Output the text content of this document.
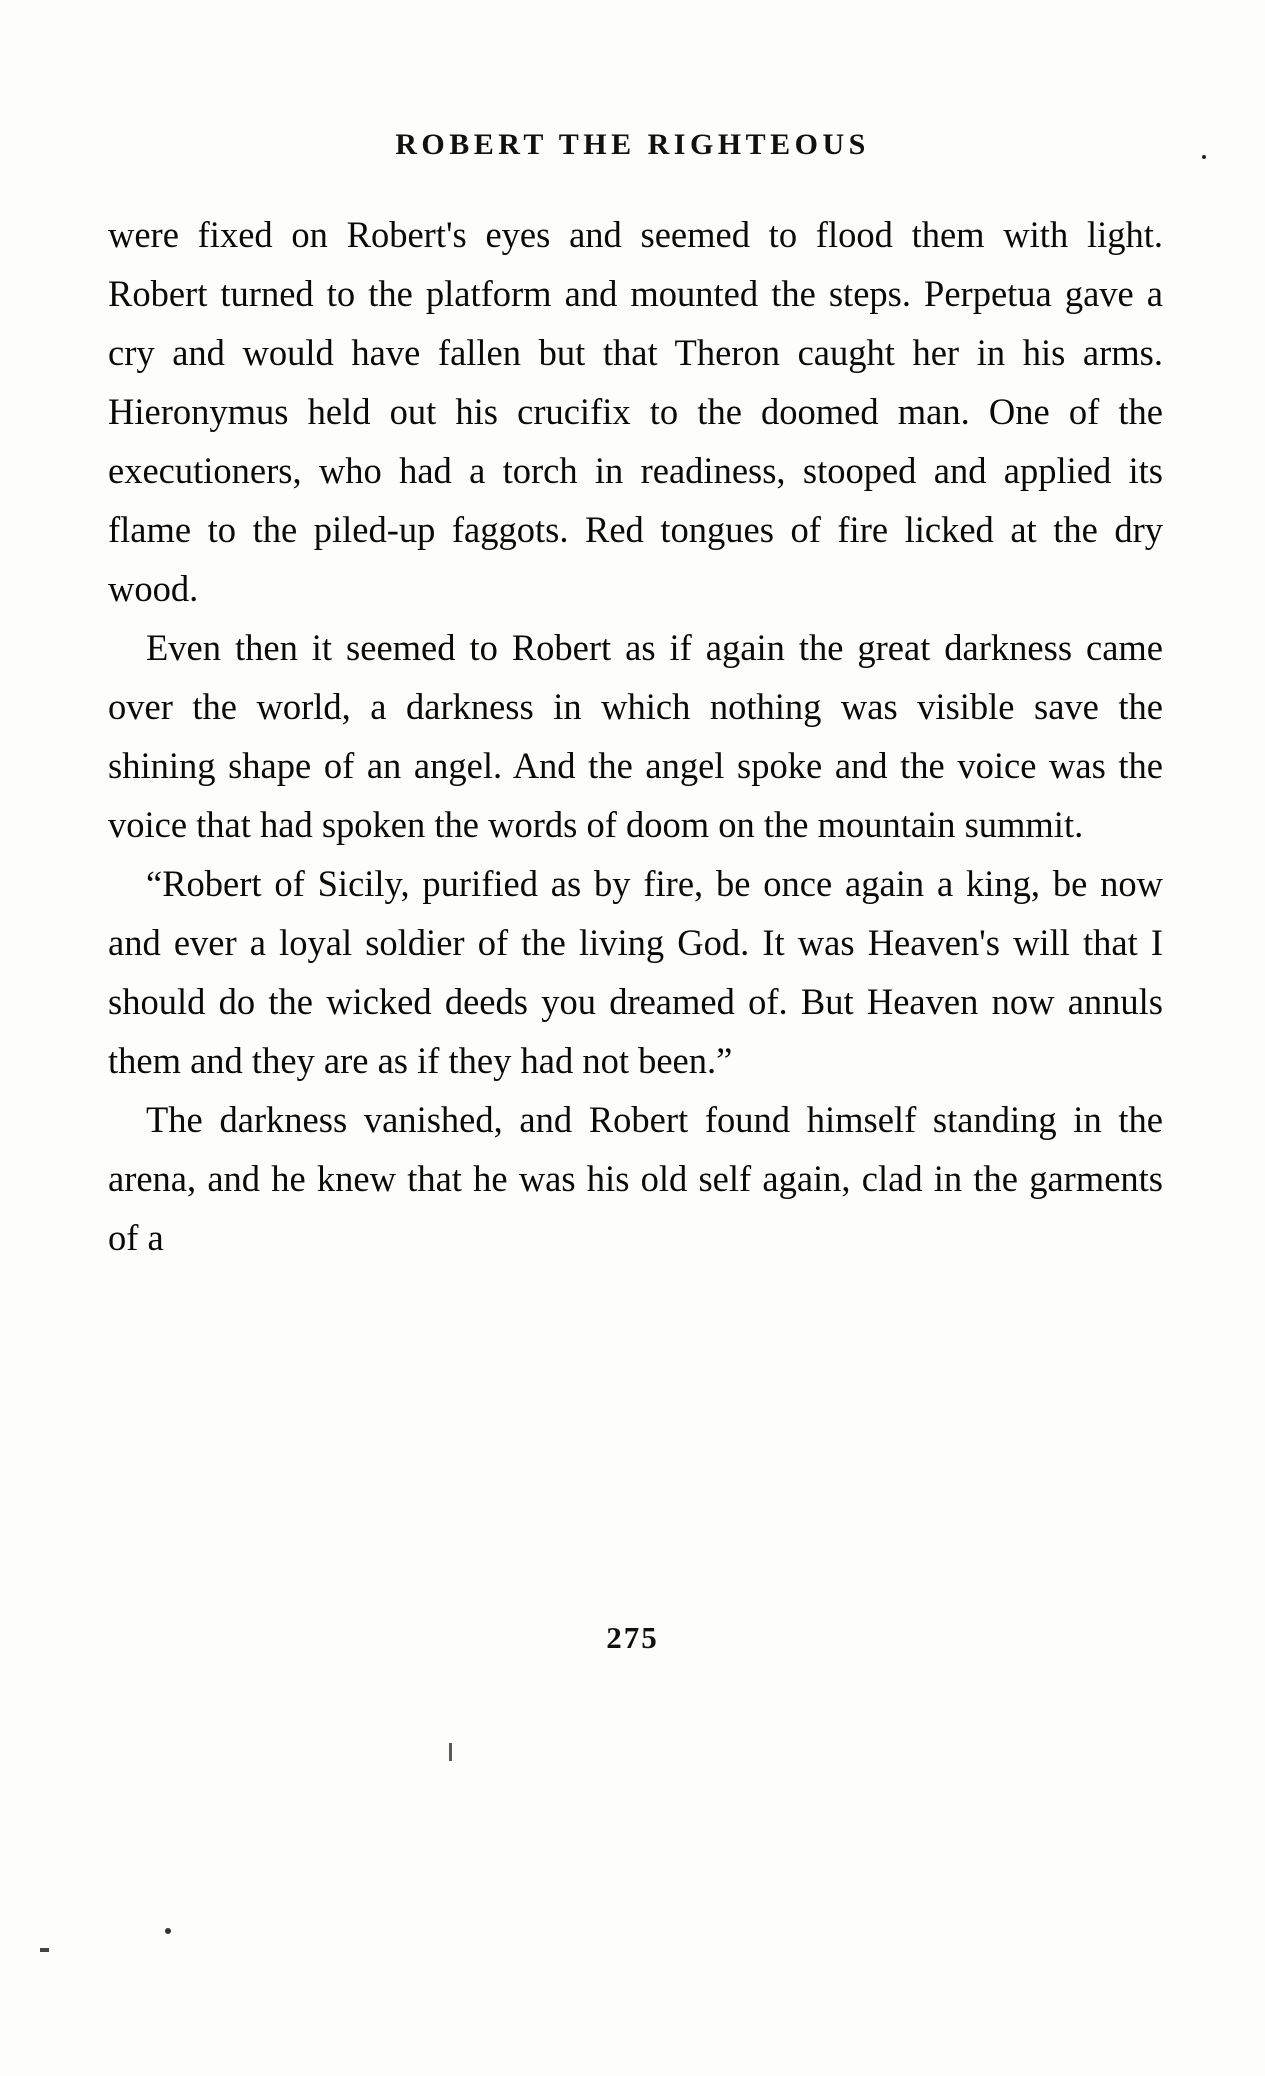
ROBERT THE RIGHTEOUS

were fixed on Robert's eyes and seemed to flood them with light. Robert turned to the platform and mounted the steps. Perpetua gave a cry and would have fallen but that Theron caught her in his arms. Hieronymus held out his crucifix to the doomed man. One of the executioners, who had a torch in readiness, stooped and applied its flame to the piled-up faggots. Red tongues of fire licked at the dry wood.

Even then it seemed to Robert as if again the great darkness came over the world, a darkness in which nothing was visible save the shining shape of an angel. And the angel spoke and the voice was the voice that had spoken the words of doom on the mountain summit.

“Robert of Sicily, purified as by fire, be once again a king, be now and ever a loyal soldier of the living God. It was Heaven's will that I should do the wicked deeds you dreamed of. But Heaven now annuls them and they are as if they had not been.”

The darkness vanished, and Robert found himself standing in the arena, and he knew that he was his old self again, clad in the garments of a

275
